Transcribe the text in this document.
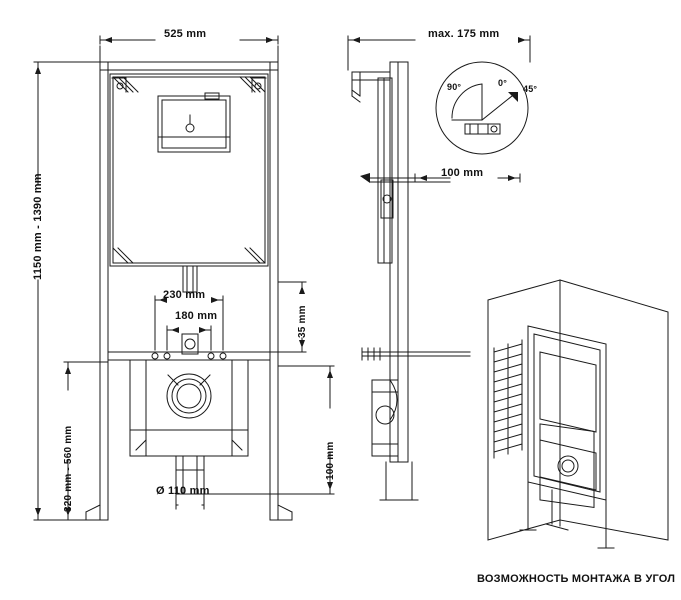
525 mm
1150 mm - 1390 mm
320 mm - 560 mm
230 mm
180 mm	35 mm
100 mm
Ø 110 mm
max. 175 mm
100 mm
90°	0°
45°
ВОЗМОЖНОСТЬ МОНТАЖА В УГОЛ
